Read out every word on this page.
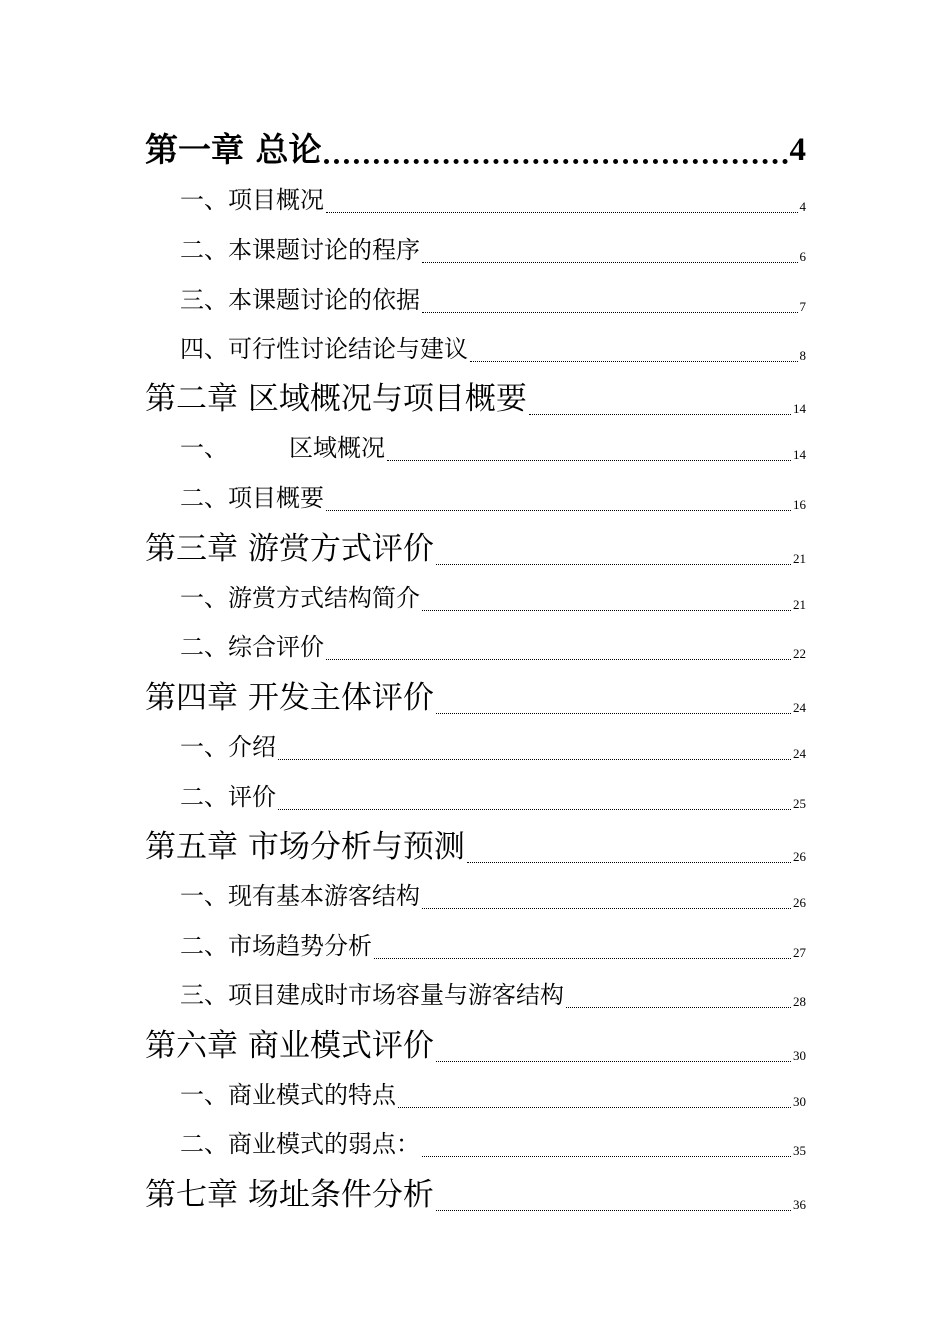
第一章 总论	4
一、项目概况	4
二、本课题讨论的程序	6
三、本课题讨论的依据	7
四、可行性讨论结论与建议	8
第二章 区域概况与项目概要	14
一、        区域概况	14
二、项目概要	16
第三章 游赏方式评价	21
一、游赏方式结构简介	21
二、综合评价	22
第四章 开发主体评价	24
一、介绍	24
二、评价	25
第五章 市场分析与预测	26
一、现有基本游客结构	26
二、市场趋势分析	27
三、项目建成时市场容量与游客结构	28
第六章 商业模式评价	30
一、商业模式的特点	30
二、商业模式的弱点：	35
第七章 场址条件分析	36
